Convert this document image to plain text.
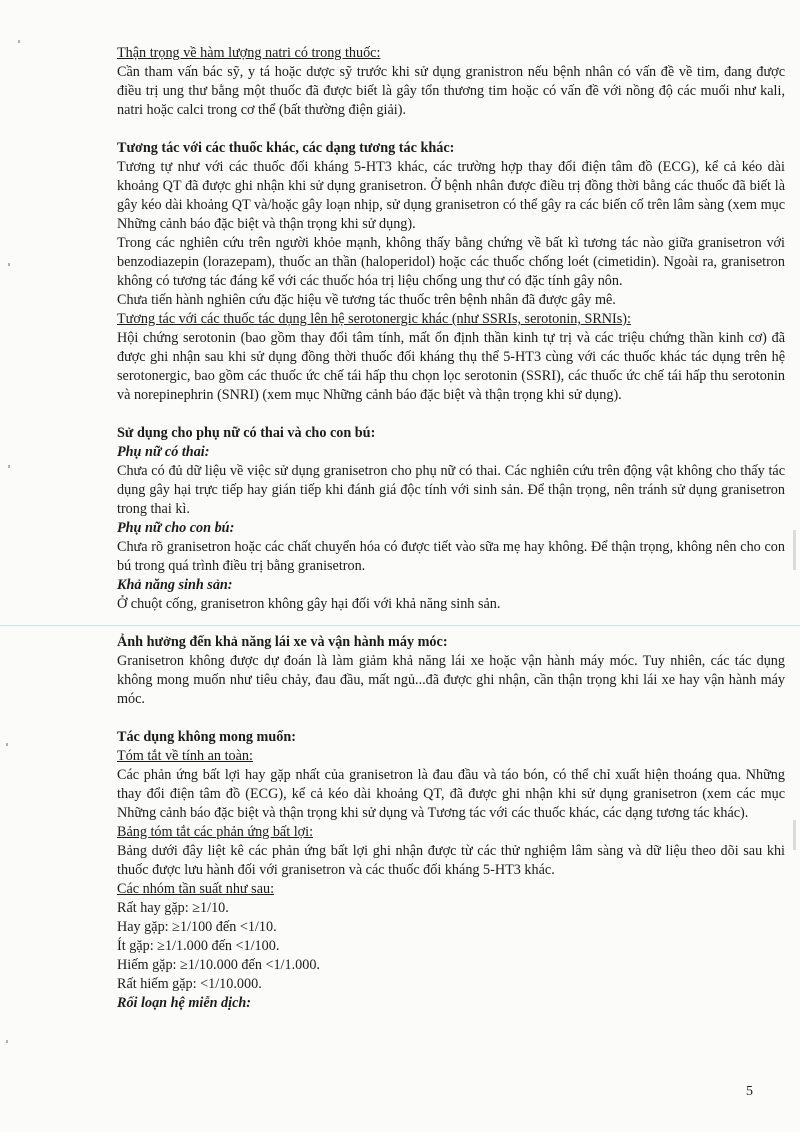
Thận trọng về hàm lượng natri có trong thuốc:

Cần tham vấn bác sỹ, y tá hoặc dược sỹ trước khi sử dụng granistron nếu bệnh nhân có vấn đề về tim, đang được điều trị ung thư bằng một thuốc đã được biết là gây tổn thương tim hoặc có vấn đề với nồng độ các muối như kali, natri hoặc calci trong cơ thể (bất thường điện giải).

Tương tác với các thuốc khác, các dạng tương tác khác:

Tương tự như với các thuốc đối kháng 5-HT3 khác, các trường hợp thay đổi điện tâm đồ (ECG), kể cả kéo dài khoảng QT đã được ghi nhận khi sử dụng granisetron. Ở bệnh nhân được điều trị đồng thời bằng các thuốc đã biết là gây kéo dài khoảng QT và/hoặc gây loạn nhịp, sử dụng granisetron có thể gây ra các biến cố trên lâm sàng (xem mục Những cảnh báo đặc biệt và thận trọng khi sử dụng).

Trong các nghiên cứu trên người khỏe mạnh, không thấy bằng chứng về bất kì tương tác nào giữa granisetron với benzodiazepin (lorazepam), thuốc an thần (haloperidol) hoặc các thuốc chống loét (cimetidin). Ngoài ra, granisetron không có tương tác đáng kể với các thuốc hóa trị liệu chống ung thư có đặc tính gây nôn.

Chưa tiến hành nghiên cứu đặc hiệu về tương tác thuốc trên bệnh nhân đã được gây mê.

Tương tác với các thuốc tác dụng lên hệ serotonergic khác (như SSRIs, serotonin, SRNIs):

Hội chứng serotonin (bao gồm thay đổi tâm tính, mất ổn định thần kinh tự trị và các triệu chứng thần kinh cơ) đã được ghi nhận sau khi sử dụng đồng thời thuốc đối kháng thụ thể 5-HT3 cùng với các thuốc khác tác dụng trên hệ serotonergic, bao gồm các thuốc ức chế tái hấp thu chọn lọc serotonin (SSRI), các thuốc ức chế tái hấp thu serotonin và norepinephrin (SNRI) (xem mục Những cảnh báo đặc biệt và thận trọng khi sử dụng).

Sử dụng cho phụ nữ có thai và cho con bú:

Phụ nữ có thai:

Chưa có đủ dữ liệu về việc sử dụng granisetron cho phụ nữ có thai. Các nghiên cứu trên động vật không cho thấy tác dụng gây hại trực tiếp hay gián tiếp khi đánh giá độc tính với sinh sản. Để thận trọng, nên tránh sử dụng granisetron trong thai kì.

Phụ nữ cho con bú:

Chưa rõ granisetron hoặc các chất chuyển hóa có được tiết vào sữa mẹ hay không. Để thận trọng, không nên cho con bú trong quá trình điều trị bằng granisetron.

Khả năng sinh sản:

Ở chuột cống, granisetron không gây hại đối với khả năng sinh sản.

Ảnh hưởng đến khả năng lái xe và vận hành máy móc:

Granisetron không được dự đoán là làm giảm khả năng lái xe hoặc vận hành máy móc. Tuy nhiên, các tác dụng không mong muốn như tiêu chảy, đau đầu, mất ngủ...đã được ghi nhận, cần thận trọng khi lái xe hay vận hành máy móc.

Tác dụng không mong muốn:

Tóm tắt về tính an toàn:

Các phản ứng bất lợi hay gặp nhất của granisetron là đau đầu và táo bón, có thể chỉ xuất hiện thoáng qua. Những thay đổi điện tâm đồ (ECG), kể cả kéo dài khoảng QT, đã được ghi nhận khi sử dụng granisetron (xem các mục Những cảnh báo đặc biệt và thận trọng khi sử dụng và Tương tác với các thuốc khác, các dạng tương tác khác).

Bảng tóm tắt các phản ứng bất lợi:

Bảng dưới đây liệt kê các phản ứng bất lợi ghi nhận được từ các thử nghiệm lâm sàng và dữ liệu theo dõi sau khi thuốc được lưu hành đối với granisetron và các thuốc đối kháng 5-HT3 khác.

Các nhóm tần suất như sau:

Rất hay gặp: ≥1/10.

Hay gặp: ≥1/100 đến <1/10.

Ít gặp: ≥1/1.000 đến <1/100.

Hiếm gặp: ≥1/10.000 đến <1/1.000.

Rất hiếm gặp: <1/10.000.

Rối loạn hệ miễn dịch:

5
